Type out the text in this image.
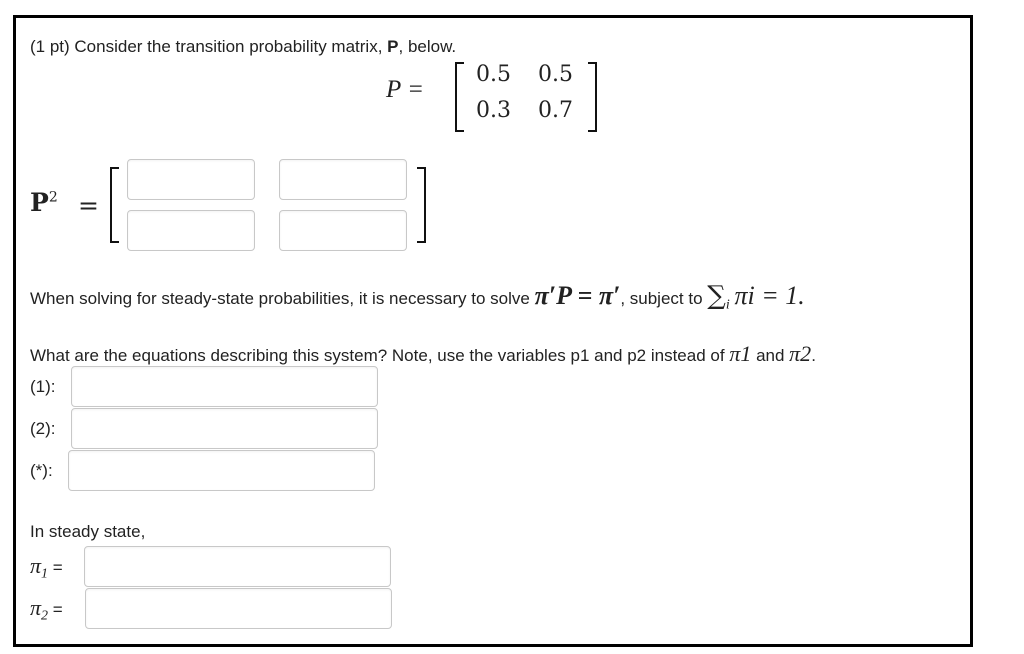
(1 pt) Consider the transition probability matrix, P, below.
P =
0.5 0.5
0.3 0.7
$P^2$ =
When solving for steady-state probabilities, it is necessary to solve π′P = π′, subject to $\sum_i$ πi = 1.
What are the equations describing this system? Note, use the variables p1 and p2 instead of π1 and π2.
(1):
(2):
(*):
In steady state,
$\pi_1$ =
$\pi_2$ =
